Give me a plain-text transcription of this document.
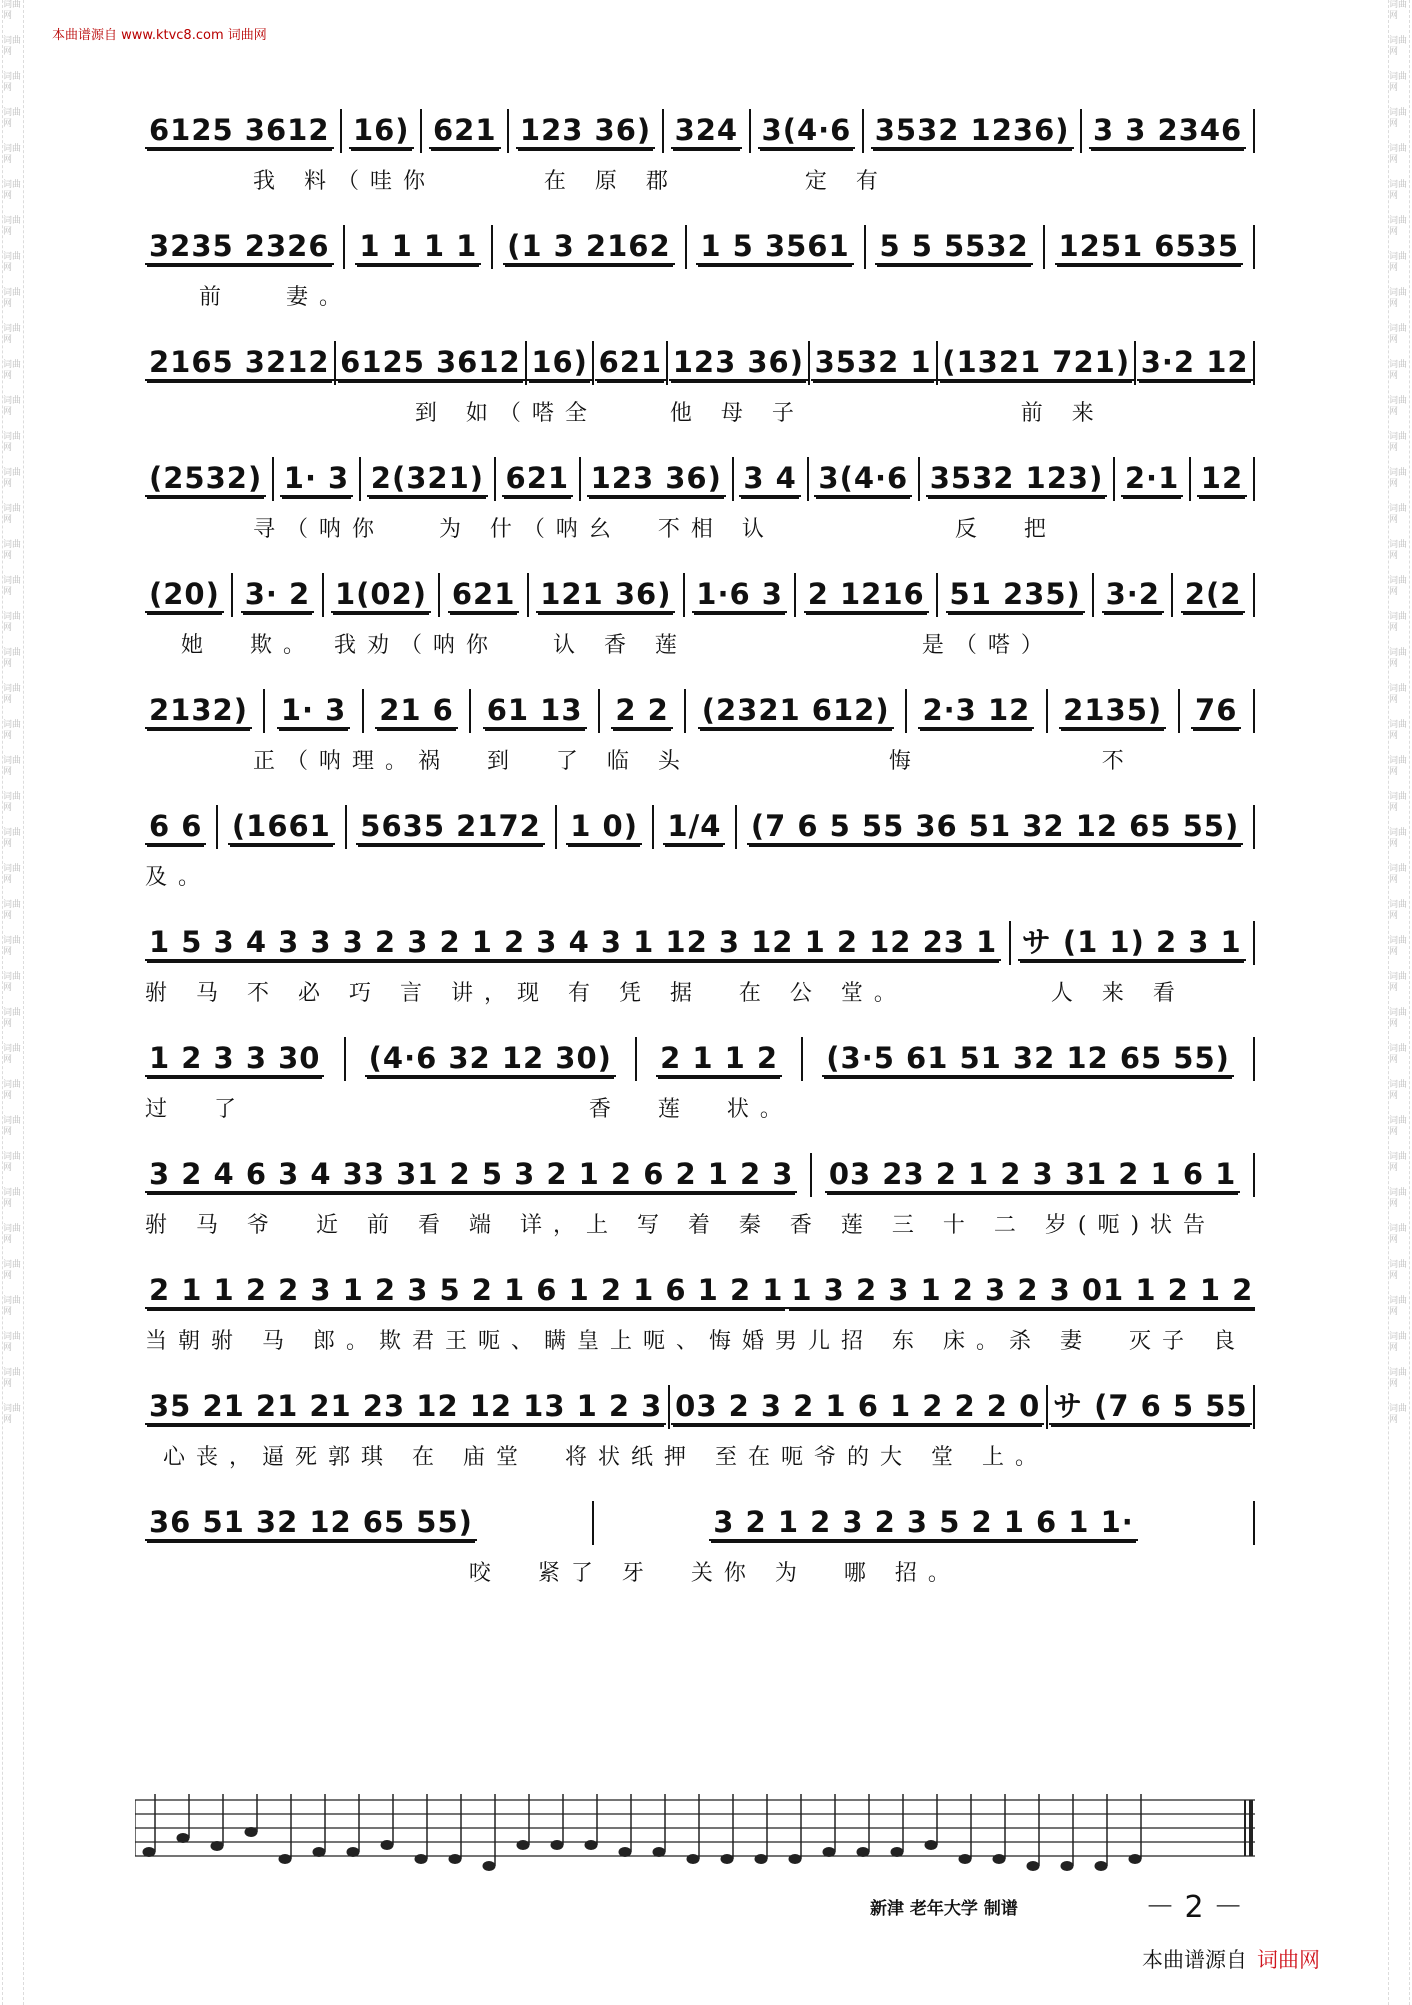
本曲谱源自 www.ktvc8.com 词曲网
词曲网
词曲网
词曲网
词曲网
词曲网
词曲网
词曲网
词曲网
词曲网
词曲网
词曲网
词曲网
词曲网
词曲网
词曲网
词曲网
词曲网
词曲网
词曲网
词曲网
词曲网
词曲网
词曲网
词曲网
词曲网
词曲网
词曲网
词曲网
词曲网
词曲网
词曲网
词曲网
词曲网
词曲网
词曲网
词曲网
词曲网
词曲网
词曲网
词曲网
词曲网
词曲网
词曲网
词曲网
词曲网
词曲网
词曲网
词曲网
词曲网
词曲网
词曲网
词曲网
词曲网
词曲网
词曲网
词曲网
词曲网
词曲网
词曲网
词曲网
词曲网
词曲网
词曲网
词曲网
词曲网
词曲网
词曲网
词曲网
词曲网
词曲网
词曲网
词曲网
词曲网
词曲网
词曲网
词曲网
词曲网
词曲网
词曲网
词曲网
6125 3612 16) 621 123 36) 324 3(4·6 3532 1236) 3 3 2346
我 料（哇你      在 原 郡       定 有
3235 2326 1 1 1 1 (1 3 2162 1 5 3561 5 5 5532 1251 6535
前   妻。
2165 3212 6125 3612 16) 621 123 36) 3532 1 (1321 721) 3·2 12
到 如（嗒全    他 母 子            前 来
(2532) 1· 3 2(321) 621 123 36) 3 4 3(4·6 3532 123) 2·1 12
寻（呐你   为 什（呐幺  不相 认          反  把
(20) 3· 2 1(02) 621 121 36) 1·6 3 2 1216 51 235) 3·2 2(2
她  欺。 我劝（呐你   认 香 莲             是（嗒）
2132) 1· 3 21 6 61 13 2 2 (2321 612) 2·3 12 2135) 76
正（呐理。祸  到  了 临 头           悔          不
6 6 (1661 5635 2172 1 0) 1/4 (7 6 5 55 36 51 32 12 65 55)
及。
1 5 3 4 3 3 3 2 3 2 1 2 3 4 3 1 12 3 12 1 2 12 23 1 サ (1 1) 2 3 1
驸 马 不 必 巧 言 讲，现 有 凭 据  在 公 堂。        人 来 看
1 2 3 3 30 (4·6 32 12 30) 2 1 1 2 (3·5 61 51 32 12 65 55)
过  了                   香  莲  状。
3 2 4 6 3 4 33 31 2 5 3 2 1 2 6 2 1 2 3 03 23 2 1 2 3 31 2 1 6 1
驸 马 爷  近 前 看 端 详，上 写 着 秦 香 莲 三 十 二 岁(呃)状告
2 1 1 2 2 3 1 2 3 5 2 1 6 1 2 1 6 1 2 1 1 3 2 3 1 2 3 2 3 01 1 2 1 2
当朝驸 马 郎。欺君王呃、瞒皇上呃、悔婚男儿招 东 床。杀 妻  灭子 良
35 21 21 21 23 12 12 13 1 2 3 03 2 3 2 1 6 1 2 2 2 0 サ (7 6 5 55
心丧，逼死郭琪 在 庙堂  将状纸押 至在呃爷的大 堂 上。
36 51 32 12 65 55)	3 2 1 2 3 2 3 5 2 1 6 1 1·
咬  紧了 牙  关你 为  哪 招。
新津 老年大学 制谱	－ 2 －
本曲谱源自 词曲网
